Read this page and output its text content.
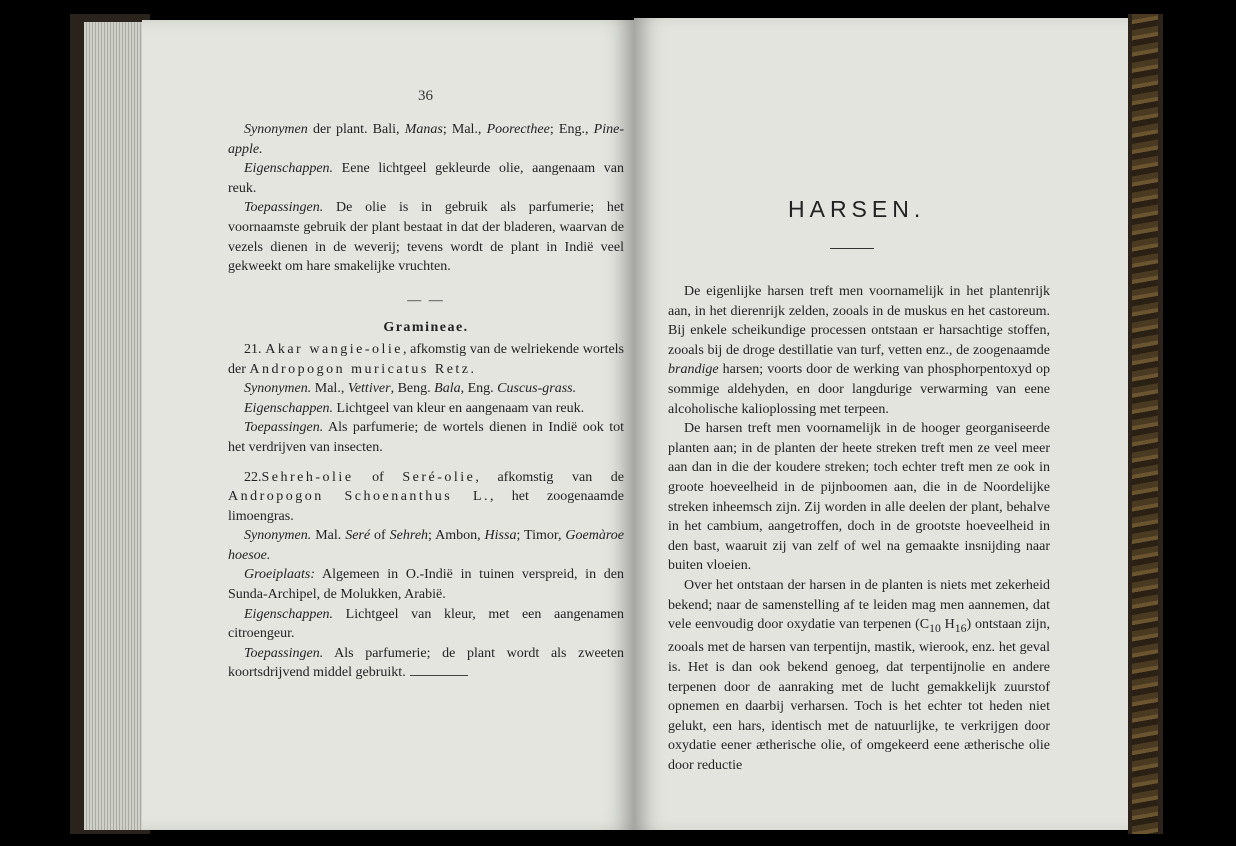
36

Synonymen der plant. Bali, Manas; Mal., Poorecthee; Eng., Pine-apple.

Eigenschappen. Eene lichtgeel gekleurde olie, aangenaam van reuk.

Toepassingen. De olie is in gebruik als parfumerie; het voornaamste gebruik der plant bestaat in dat der bladeren, waarvan de vezels dienen in de weverij; tevens wordt de plant in Indië veel gekweekt om hare smakelijke vruchten.

— —
Gramineae.

21. Akar wangie-olie, afkomstig van de welriekende wortels der Andropogon muricatus Retz.

Synonymen. Mal., Vettiver, Beng. Bala, Eng. Cuscus-grass.

Eigenschappen. Lichtgeel van kleur en aangenaam van reuk.

Toepassingen. Als parfumerie; de wortels dienen in Indië ook tot het verdrijven van insecten.

22.Sehreh-olie of Seré-olie, afkomstig van de Andropogon Schoenanthus L., het zoogenaamde limoengras.

Synonymen. Mal. Seré of Sehreh; Ambon, Hissa; Timor, Goemàroe hoesoe.

Groeiplaats: Algemeen in O.-Indië in tuinen verspreid, in den Sunda-Archipel, de Molukken, Arabië.

Eigenschappen. Lichtgeel van kleur, met een aangenamen citroengeur.

Toepassingen. Als parfumerie; de plant wordt als zweeten koortsdrijvend middel gebruikt.

HARSEN.

De eigenlijke harsen treft men voornamelijk in het plantenrijk aan, in het dierenrijk zelden, zooals in de muskus en het castoreum. Bij enkele scheikundige processen ontstaan er harsachtige stoffen, zooals bij de droge destillatie van turf, vetten enz., de zoogenaamde brandige harsen; voorts door de werking van phosphorpentoxyd op sommige aldehyden, en door langdurige verwarming van eene alcoholische kalioplossing met terpeen.

De harsen treft men voornamelijk in de hooger georganiseerde planten aan; in de planten der heete streken treft men ze veel meer aan dan in die der koudere streken; toch echter treft men ze ook in groote hoeveelheid in de pijnboomen aan, die in de Noordelijke streken inheemsch zijn. Zij worden in alle deelen der plant, behalve in het cambium, aangetroffen, doch in de grootste hoeveelheid in den bast, waaruit zij van zelf of wel na gemaakte insnijding naar buiten vloeien.

Over het ontstaan der harsen in de planten is niets met zekerheid bekend; naar de samenstelling af te leiden mag men aannemen, dat vele eenvoudig door oxydatie van terpenen ($C_{10}$ $H_{16}$) ontstaan zijn, zooals met de harsen van terpentijn, mastik, wierook, enz. het geval is. Het is dan ook bekend genoeg, dat terpentijnolie en andere terpenen door de aanraking met de lucht gemakkelijk zuurstof opnemen en daarbij verharsen. Toch is het echter tot heden niet gelukt, een hars, identisch met de natuurlijke, te verkrijgen door oxydatie eener ætherische olie, of omgekeerd eene ætherische olie door reductie
